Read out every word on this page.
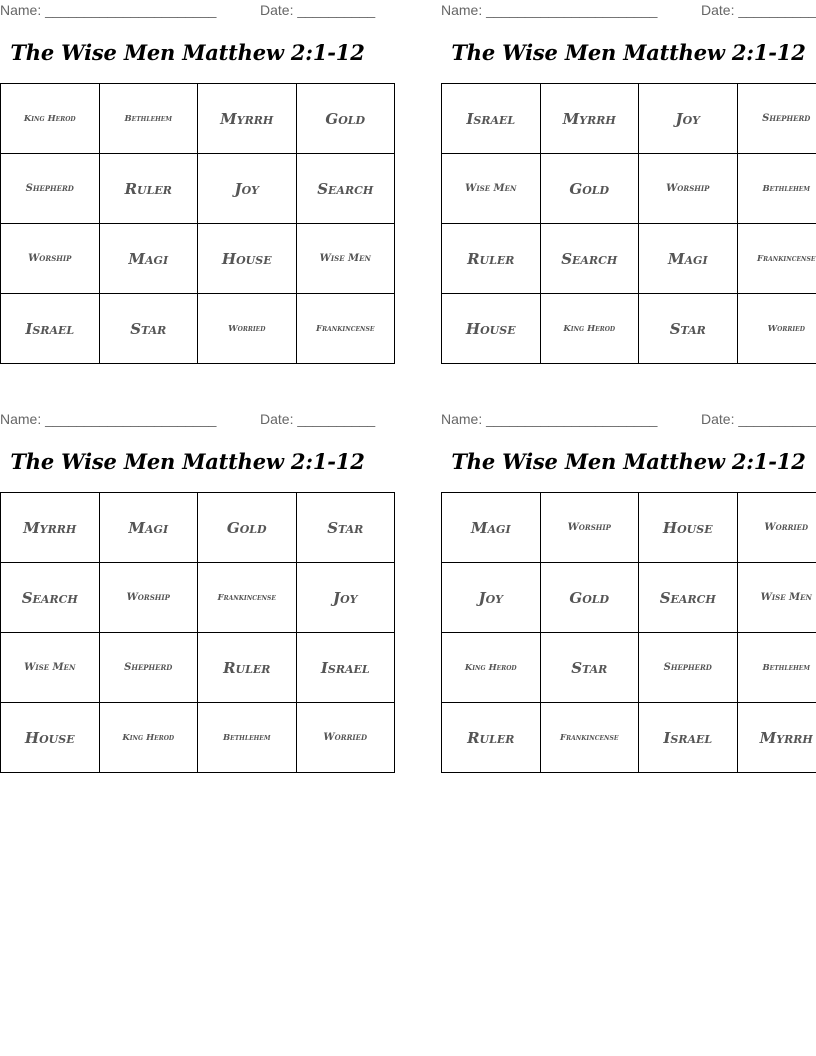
Name: ______________________	Date: __________
The Wise Men Matthew 2:1-12
King Herod	Bethlehem	Myrrh	Gold
Shepherd	Ruler	Joy	Search
Worship	Magi	House	Wise Men
Israel	Star	Worried	Frankincense
Name: ______________________	Date: __________
The Wise Men Matthew 2:1-12
Israel	Myrrh	Joy	Shepherd
Wise Men	Gold	Worship	Bethlehem
Ruler	Search	Magi	Frankincense
House	King Herod	Star	Worried
Name: ______________________	Date: __________
The Wise Men Matthew 2:1-12
Myrrh	Magi	Gold	Star
Search	Worship	Frankincense	Joy
Wise Men	Shepherd	Ruler	Israel
House	King Herod	Bethlehem	Worried
Name: ______________________	Date: __________
The Wise Men Matthew 2:1-12
Magi	Worship	House	Worried
Joy	Gold	Search	Wise Men
King Herod	Star	Shepherd	Bethlehem
Ruler	Frankincense	Israel	Myrrh
